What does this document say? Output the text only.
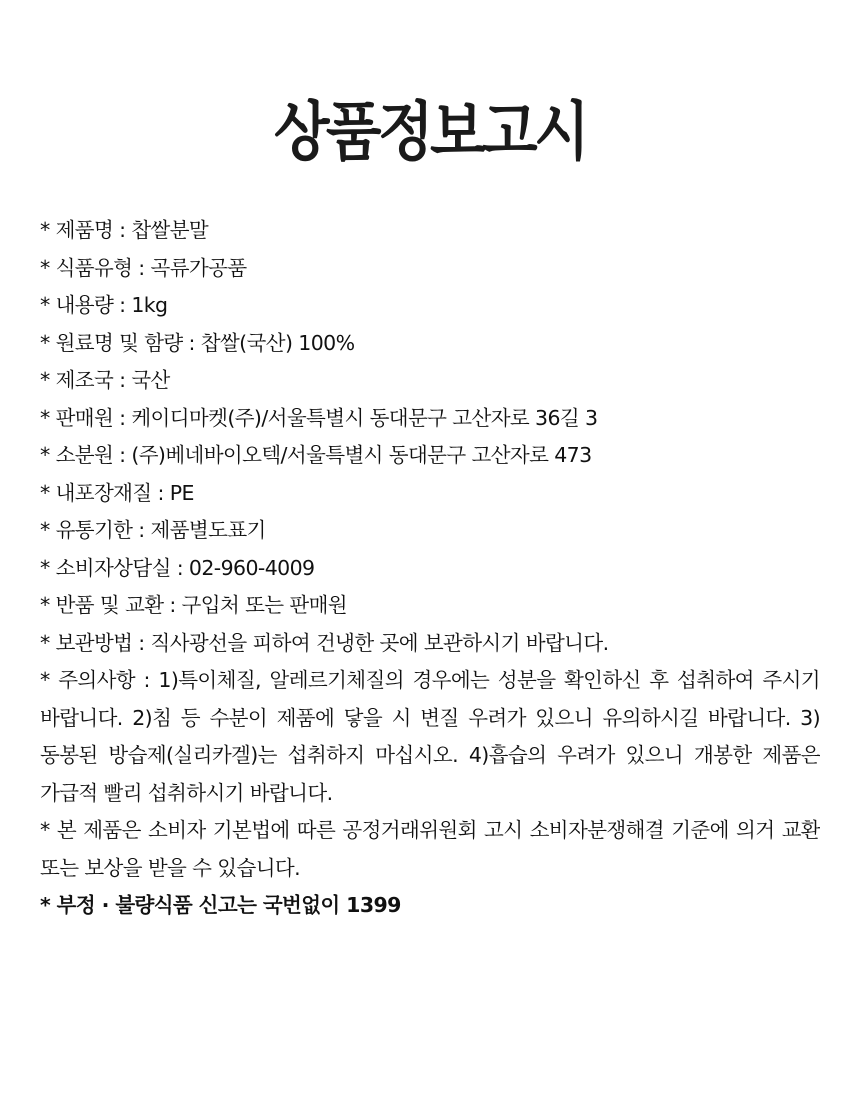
상품정보고시
* 제품명 : 찹쌀분말
* 식품유형 : 곡류가공품
* 내용량 : 1kg
* 원료명 및 함량 : 찹쌀(국산) 100%
* 제조국 : 국산
* 판매원 : 케이디마켓(주)/서울특별시 동대문구 고산자로 36길 3
* 소분원 : (주)베네바이오텍/서울특별시 동대문구 고산자로 473
* 내포장재질 : PE
* 유통기한 : 제품별도표기
* 소비자상담실 : 02-960-4009
* 반품 및 교환 : 구입처 또는 판매원
* 보관방법 : 직사광선을 피하여 건냉한 곳에 보관하시기 바랍니다.
* 주의사항 : 1)특이체질, 알레르기체질의 경우에는 성분을 확인하신 후 섭취하여 주시기 바랍니다. 2)침 등 수분이 제품에 닿을 시 변질 우려가 있으니 유의하시길 바랍니다. 3)동봉된 방습제(실리카겔)는 섭취하지 마십시오. 4)흡습의 우려가 있으니 개봉한 제품은 가급적 빨리 섭취하시기 바랍니다.
* 본 제품은 소비자 기본법에 따른 공정거래위원회 고시 소비자분쟁해결 기준에 의거 교환 또는 보상을 받을 수 있습니다.
* 부정 · 불량식품 신고는 국번없이 1399
